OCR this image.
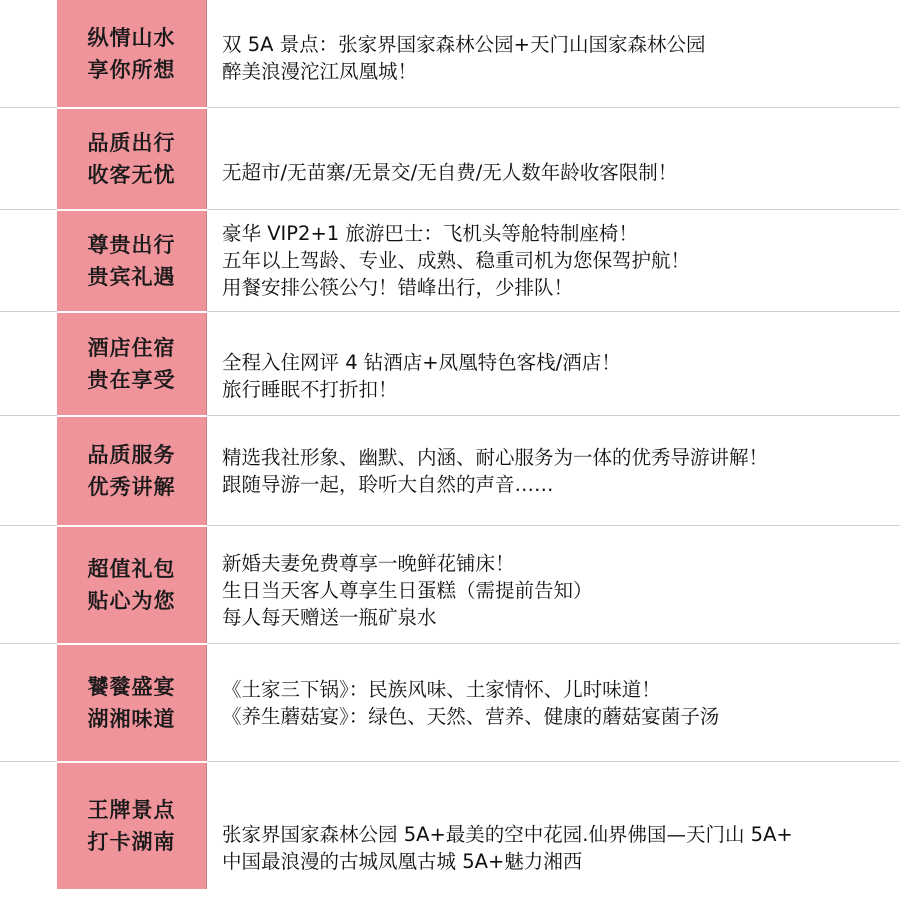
纵情山水
享你所想
双 5A 景点：张家界国家森林公园+天门山国家森林公园
醉美浪漫沱江凤凰城！
品质出行
收客无忧 无超市/无苗寨/无景交/无自费/无人数年龄收客限制！
尊贵出行
贵宾礼遇
豪华 VIP2+1 旅游巴士：飞机头等舱特制座椅！
五年以上驾龄、专业、成熟、稳重司机为您保驾护航！
用餐安排公筷公勺！错峰出行，少排队！
酒店住宿
贵在享受
全程入住网评 4 钻酒店+凤凰特色客栈/酒店！
旅行睡眠不打折扣！
品质服务
优秀讲解
精选我社形象、幽默、内涵、耐心服务为一体的优秀导游讲解！
跟随导游一起，聆听大自然的声音……
超值礼包
贴心为您
新婚夫妻免费尊享一晚鲜花铺床！
生日当天客人尊享生日蛋糕（需提前告知）
每人每天赠送一瓶矿泉水
饕餮盛宴
湖湘味道
《土家三下锅》：民族风味、土家情怀、儿时味道！
《养生蘑菇宴》：绿色、天然、营养、健康的蘑菇宴菌子汤
王牌景点
打卡湖南 张家界国家森林公园 5A+最美的空中花园.仙界佛国—天门山 5A+
中国最浪漫的古城凤凰古城 5A+魅力湘西
